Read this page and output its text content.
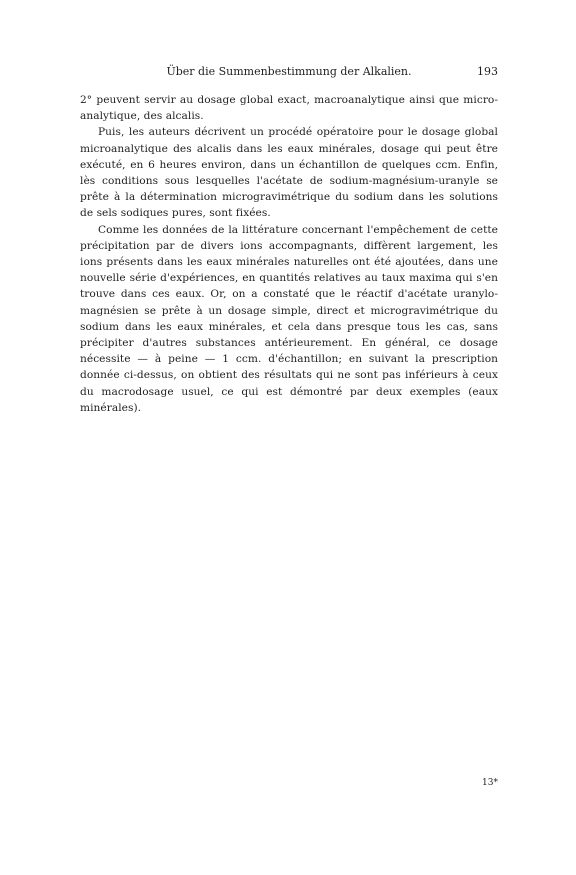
Über die Summenbestimmung der Alkalien.	193

2° peuvent servir au dosage global exact, macroanalytique ainsi que micro-analytique, des alcalis.

Puis, les auteurs décrivent un procédé opératoire pour le dosage global microanalytique des alcalis dans les eaux minérales, dosage qui peut être exécuté, en 6 heures environ, dans un échantillon de quelques ccm. Enfin, lès conditions sous lesquelles l'acétate de sodium-magnésium-uranyle se prête à la détermination microgravimétrique du sodium dans les solutions de sels sodiques pures, sont fixées.

Comme les données de la littérature concernant l'empêchement de cette précipitation par de divers ions accompagnants, diffèrent largement, les ions présents dans les eaux minérales naturelles ont été ajoutées, dans une nouvelle série d'expériences, en quantités relatives au taux maxima qui s'en trouve dans ces eaux. Or, on a constaté que le réactif d'acétate uranylo-magnésien se prête à un dosage simple, direct et microgravimétrique du sodium dans les eaux minérales, et cela dans presque tous les cas, sans précipiter d'autres substances antérieurement. En général, ce dosage nécessite — à peine — 1 ccm. d'échantillon; en suivant la prescription donnée ci-dessus, on obtient des résultats qui ne sont pas inférieurs à ceux du macrodosage usuel, ce qui est démontré par deux exemples (eaux minérales).

13*
